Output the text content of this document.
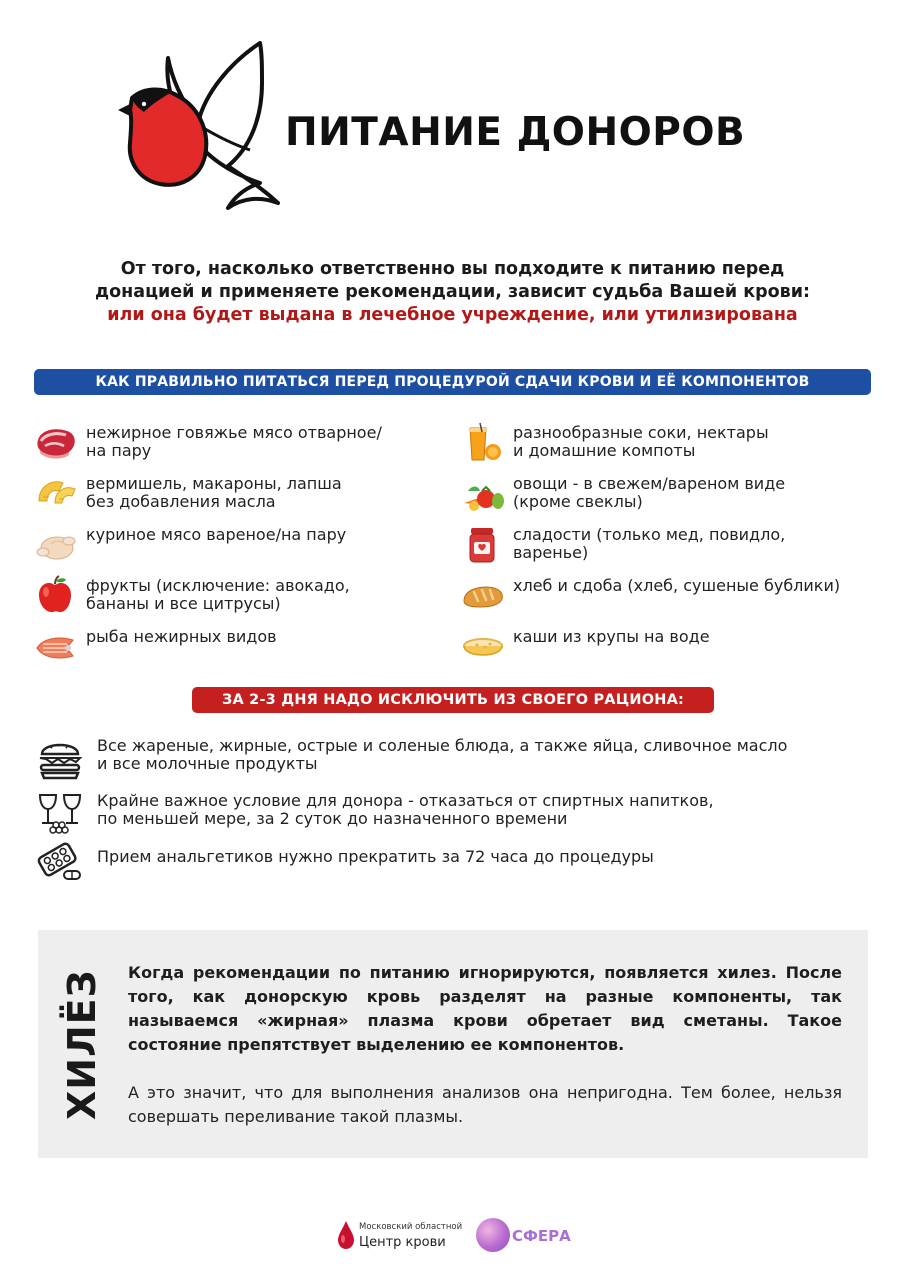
ПИТАНИЕ ДОНОРОВ
От того, насколько ответственно вы подходите к питанию перед
донацией и применяете рекомендации, зависит судьба Вашей крови:
или она будет выдана в лечебное учреждение, или утилизирована
КАК ПРАВИЛЬНО ПИТАТЬСЯ ПЕРЕД ПРОЦЕДУРОЙ СДАЧИ КРОВИ И ЕЁ КОМПОНЕНТОВ
нежирное говяжье мясо отварное/
на пару
вермишель, макароны, лапша
без добавления масла
куриное мясо вареное/на пару
фрукты (исключение: авокадо,
бананы и все цитрусы)
рыба нежирных видов
разнообразные соки, нектары
и домашние компоты
овощи - в свежем/вареном виде
(кроме свеклы)
сладости (только мед, повидло,
варенье)
хлеб и сдоба (хлеб, сушеные бублики)
каши из крупы на воде
ЗА 2-3 ДНЯ НАДО ИСКЛЮЧИТЬ ИЗ СВОЕГО РАЦИОНА:
Все жареные, жирные, острые и соленые блюда, а также яйца, сливочное масло
и все молочные продукты
Крайне важное условие для донора - отказаться от спиртных напитков,
по меньшей мере, за 2 суток до назначенного времени
Прием анальгетиков нужно прекратить за 72 часа до процедуры
ХИЛЁЗ Когда рекомендации по питанию игнорируются, появляется хилез. После того, как донорскую кровь разделят на разные компоненты, так называемся «жирная» плазма крови обретает вид сметаны. Такое состояние препятствует выделению ее компонентов.
А это значит, что для выполнения анализов она непригодна. Тем более, нельзя совершать переливание такой плазмы.
Московский областной
Центр крови	СФЕРА
